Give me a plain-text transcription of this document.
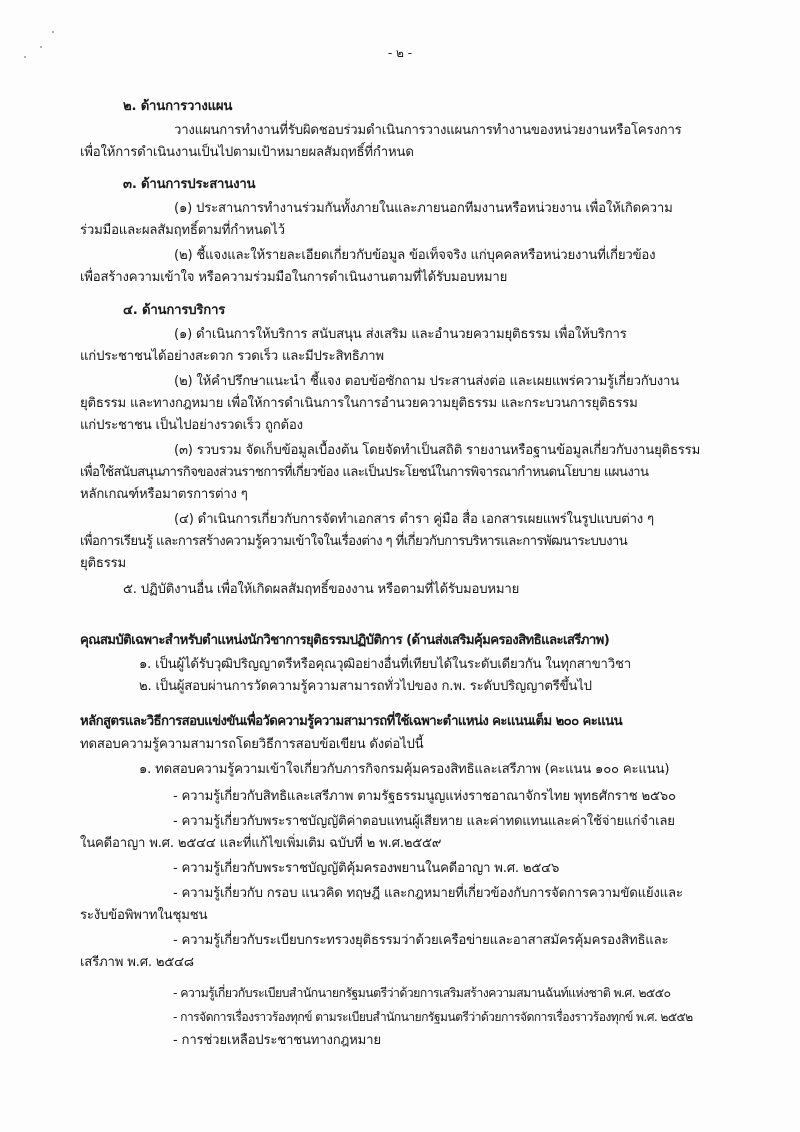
- ๒ -
๒. ด้านการวางแผน
วางแผนการทำงานที่รับผิดชอบร่วมดำเนินการวางแผนการทำงานของหน่วยงานหรือโครงการ
เพื่อให้การดำเนินงานเป็นไปตามเป้าหมายผลสัมฤทธิ์ที่กำหนด
๓. ด้านการประสานงาน
(๑) ประสานการทำงานร่วมกันทั้งภายในและภายนอกทีมงานหรือหน่วยงาน เพื่อให้เกิดความ
ร่วมมือและผลสัมฤทธิ์ตามที่กำหนดไว้
(๒) ชี้แจงและให้รายละเอียดเกี่ยวกับข้อมูล ข้อเท็จจริง แก่บุคคลหรือหน่วยงานที่เกี่ยวข้อง
เพื่อสร้างความเข้าใจ หรือความร่วมมือในการดำเนินงานตามที่ได้รับมอบหมาย
๔. ด้านการบริการ
(๑) ดำเนินการให้บริการ สนับสนุน ส่งเสริม และอำนวยความยุติธรรม เพื่อให้บริการ
แก่ประชาชนได้อย่างสะดวก รวดเร็ว และมีประสิทธิภาพ
(๒) ให้คำปรึกษาแนะนำ ชี้แจง ตอบข้อซักถาม ประสานส่งต่อ และเผยแพร่ความรู้เกี่ยวกับงาน
ยุติธรรม และทางกฎหมาย เพื่อให้การดำเนินการในการอำนวยความยุติธรรม และกระบวนการยุติธรรม
แก่ประชาชน เป็นไปอย่างรวดเร็ว ถูกต้อง
(๓) รวบรวม จัดเก็บข้อมูลเบื้องต้น โดยจัดทำเป็นสถิติ รายงานหรือฐานข้อมูลเกี่ยวกับงานยุติธรรม
เพื่อใช้สนับสนุนภารกิจของส่วนราชการที่เกี่ยวข้อง และเป็นประโยชน์ในการพิจารณากำหนดนโยบาย แผนงาน
หลักเกณฑ์หรือมาตรการต่าง ๆ
(๔) ดำเนินการเกี่ยวกับการจัดทำเอกสาร ตำรา คู่มือ สื่อ เอกสารเผยแพร่ในรูปแบบต่าง ๆ
เพื่อการเรียนรู้ และการสร้างความรู้ความเข้าใจในเรื่องต่าง ๆ ที่เกี่ยวกับการบริหารและการพัฒนาระบบงาน
ยุติธรรม
๕. ปฏิบัติงานอื่น เพื่อให้เกิดผลสัมฤทธิ์ของงาน หรือตามที่ได้รับมอบหมาย
คุณสมบัติเฉพาะสำหรับตำแหน่งนักวิชาการยุติธรรมปฏิบัติการ (ด้านส่งเสริมคุ้มครองสิทธิและเสรีภาพ)
๑. เป็นผู้ได้รับวุฒิปริญญาตรีหรือคุณวุฒิอย่างอื่นที่เทียบได้ในระดับเดียวกัน ในทุกสาขาวิชา
๒. เป็นผู้สอบผ่านการวัดความรู้ความสามารถทั่วไปของ ก.พ. ระดับปริญญาตรีขึ้นไป
หลักสูตรและวิธีการสอบแข่งขันเพื่อวัดความรู้ความสามารถที่ใช้เฉพาะตำแหน่ง คะแนนเต็ม ๒๐๐ คะแนน
ทดสอบความรู้ความสามารถโดยวิธีการสอบข้อเขียน ดังต่อไปนี้
๑. ทดสอบความรู้ความเข้าใจเกี่ยวกับภารกิจกรมคุ้มครองสิทธิและเสรีภาพ (คะแนน ๑๐๐ คะแนน)
- ความรู้เกี่ยวกับสิทธิและเสรีภาพ ตามรัฐธรรมนูญแห่งราชอาณาจักรไทย พุทธศักราช ๒๕๖๐
- ความรู้เกี่ยวกับพระราชบัญญัติค่าตอบแทนผู้เสียหาย และค่าทดแทนและค่าใช้จ่ายแก่จำเลย
ในคดีอาญา พ.ศ. ๒๕๔๔ และที่แก้ไขเพิ่มเติม ฉบับที่ ๒ พ.ศ.๒๕๕๙
- ความรู้เกี่ยวกับพระราชบัญญัติคุ้มครองพยานในคดีอาญา พ.ศ. ๒๕๔๖
- ความรู้เกี่ยวกับ กรอบ แนวคิด ทฤษฎี และกฎหมายที่เกี่ยวข้องกับการจัดการความขัดแย้งและ
ระงับข้อพิพาทในชุมชน
- ความรู้เกี่ยวกับระเบียบกระทรวงยุติธรรมว่าด้วยเครือข่ายและอาสาสมัครคุ้มครองสิทธิและ
เสรีภาพ พ.ศ. ๒๕๔๘
- ความรู้เกี่ยวกับระเบียบสำนักนายกรัฐมนตรีว่าด้วยการเสริมสร้างความสมานฉันท์แห่งชาติ พ.ศ. ๒๕๕๐
- การจัดการเรื่องราวร้องทุกข์ ตามระเบียบสำนักนายกรัฐมนตรีว่าด้วยการจัดการเรื่องราวร้องทุกข์ พ.ศ. ๒๕๕๒
- การช่วยเหลือประชาชนทางกฎหมาย
